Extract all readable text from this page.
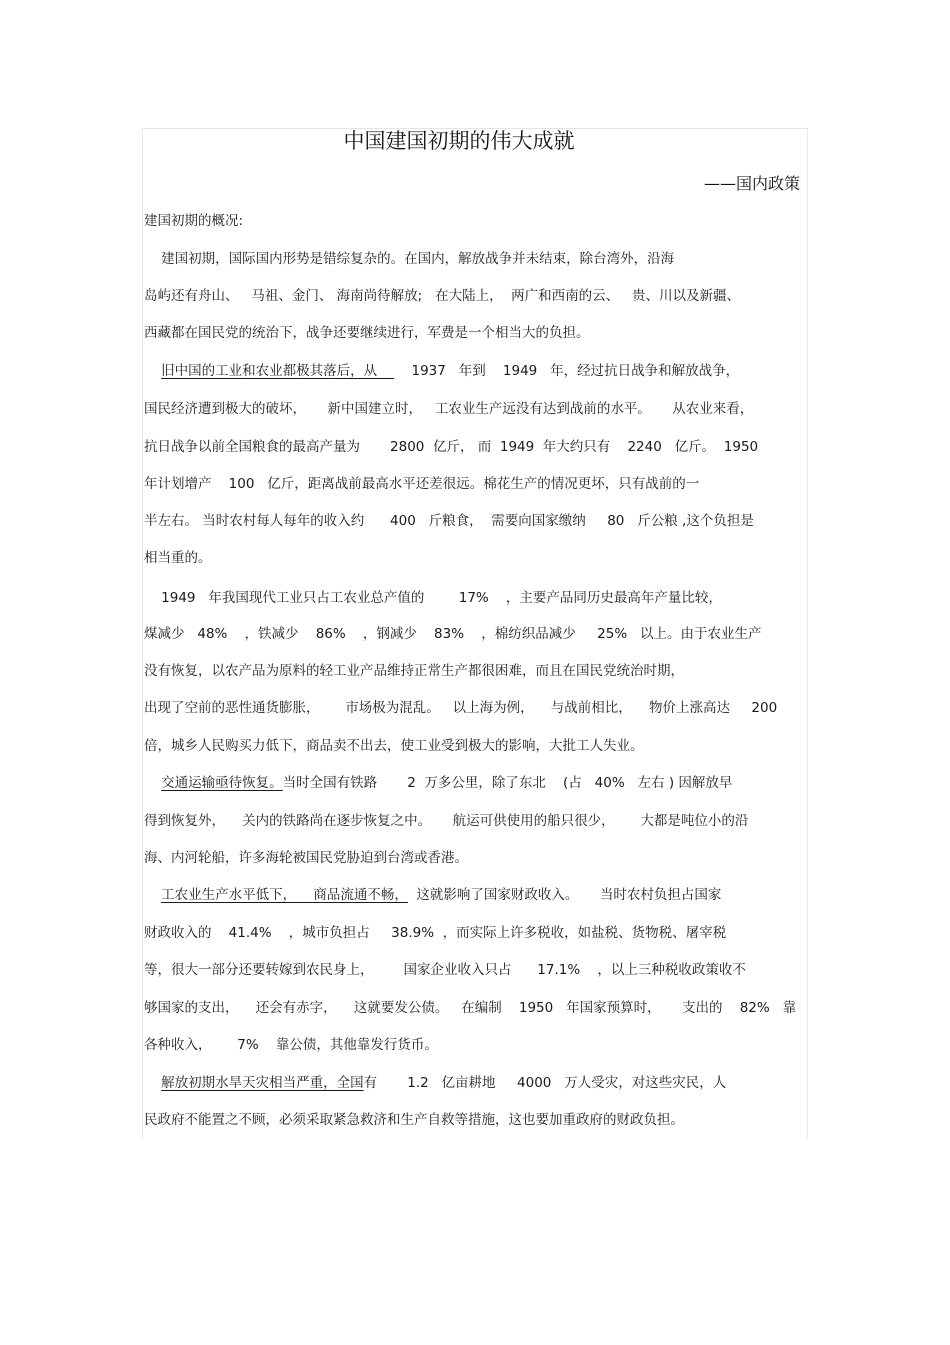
中国建国初期的伟大成就
——国内政策
建国初期的概况:
建国初期，国际国内形势是错综复杂的。在国内，解放战争并未结束，除台湾外，沿海
岛屿还有舟山、   马祖、金门、 海南尚待解放;   在大陆上，  两广和西南的云、   贵、川以及新疆、
西藏都在国民党的统治下，战争还要继续进行，军费是一个相当大的负担。
旧中国的工业和农业都极其落后，从        1937   年到    1949   年，经过抗日战争和解放战争，
国民经济遭到极大的破坏，     新中国建立时，   工农业生产远没有达到战前的水平。     从农业来看，
抗日战争以前全国粮食的最高产量为       2800  亿斤， 而  1949  年大约只有    2240   亿斤。  1950
年计划增产    100   亿斤，距离战前最高水平还差很远。棉花生产的情况更坏，只有战前的一
半左右。 当时农村每人每年的收入约      400   斤粮食，  需要向国家缴纳     80   斤公粮 ,这个负担是
相当重的。
1949   年我国现代工业只占工农业总产值的        17%    ，主要产品同历史最高年产量比较，
煤减少   48%    ，铁减少    86%    ，钢减少    83%    ，棉纺织品减少     25%   以上。由于农业生产
没有恢复，以农产品为原料的轻工业产品维持正常生产都很困难，而且在国民党统治时期，
出现了空前的恶性通货膨胀，      市场极为混乱。   以上海为例，    与战前相比，    物价上涨高达     200
倍，城乡人民购买力低下，商品卖不出去，使工业受到极大的影响，大批工人失业。
交通运输亟待恢复。当时全国有铁路       2  万多公里，除了东北    (占   40%   左右 ) 因解放早
得到恢复外，    关内的铁路尚在逐步恢复之中。     航运可供使用的船只很少，      大都是吨位小的沿
海、内河轮船，许多海轮被国民党胁迫到台湾或香港。
工农业生产水平低下，    商品流通不畅，  这就影响了国家财政收入。     当时农村负担占国家
财政收入的    41.4%    ，城市负担占     38.9%  ，而实际上许多税收，如盐税、货物税、屠宰税
等，很大一部分还要转嫁到农民身上，       国家企业收入只占      17.1%    ，以上三种税收政策收不
够国家的支出，    还会有赤字，    这就要发公债。   在编制    1950   年国家预算时，     支出的    82%   靠
各种收入，      7%    靠公债，其他靠发行货币。
解放初期水旱天灾相当严重，全国有       1.2   亿亩耕地     4000   万人受灾，对这些灾民，人
民政府不能置之不顾，必须采取紧急救济和生产自救等措施，这也要加重政府的财政负担。
